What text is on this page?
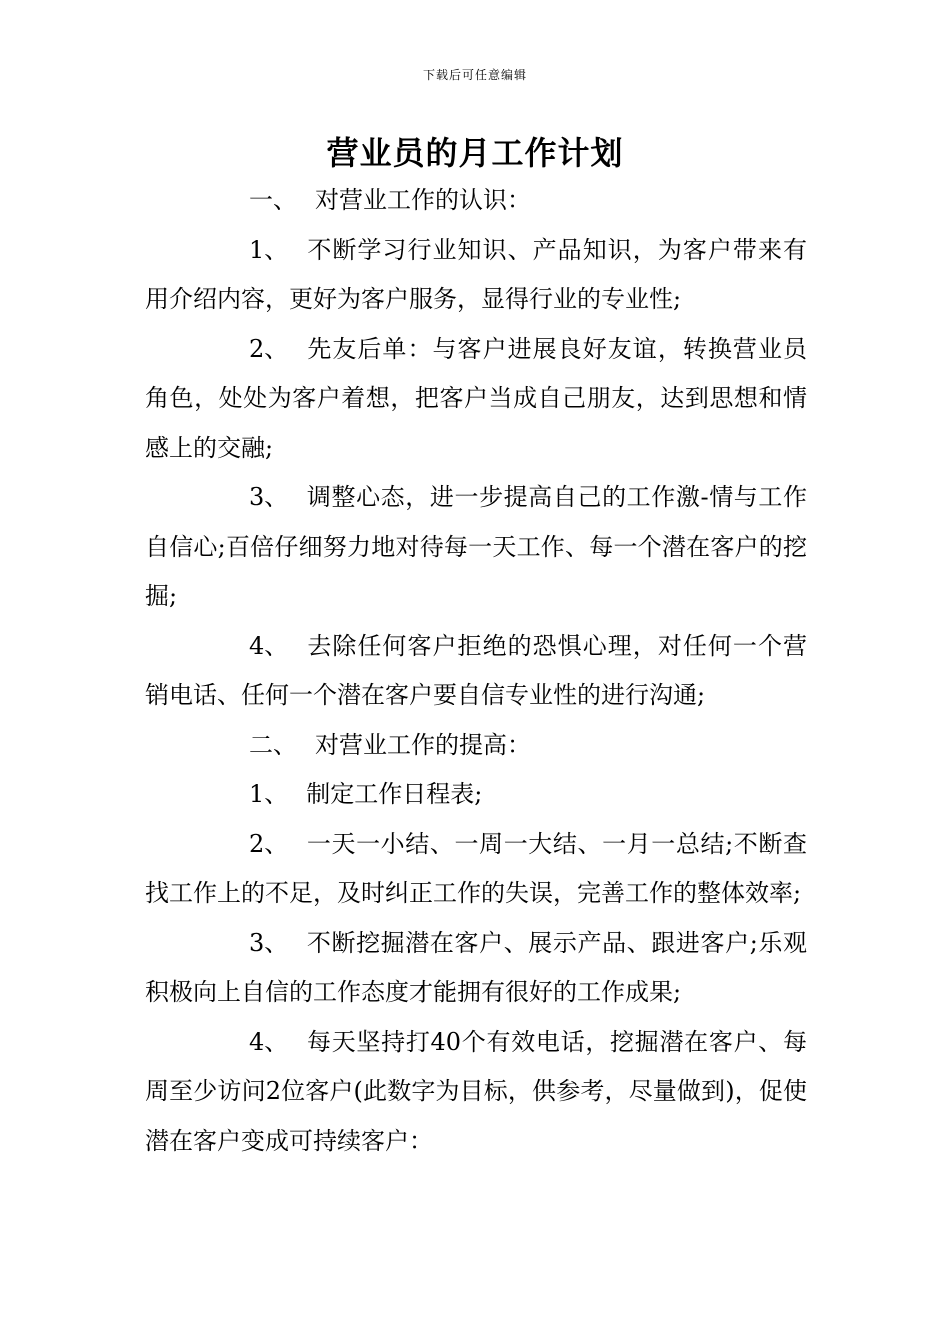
下载后可任意编辑
营业员的月工作计划

一、 对营业工作的认识：

1、 不断学习行业知识、产品知识，为客户带来有用介绍内容，更好为客户服务，显得行业的专业性;

2、 先友后单：与客户进展良好友谊，转换营业员角色，处处为客户着想，把客户当成自己朋友，达到思想和情感上的交融;

3、 调整心态，进一步提高自己的工作激-情与工作自信心;百倍仔细努力地对待每一天工作、每一个潜在客户的挖掘;

4、 去除任何客户拒绝的恐惧心理，对任何一个营销电话、任何一个潜在客户要自信专业性的进行沟通;

二、 对营业工作的提高：

1、 制定工作日程表;

2、 一天一小结、一周一大结、一月一总结;不断查找工作上的不足，及时纠正工作的失误，完善工作的整体效率;

3、 不断挖掘潜在客户、展示产品、跟进客户;乐观积极向上自信的工作态度才能拥有很好的工作成果;

4、 每天坚持打40个有效电话，挖掘潜在客户、每周至少访问2位客户(此数字为目标，供参考，尽量做到)，促使潜在客户变成可持续客户：
